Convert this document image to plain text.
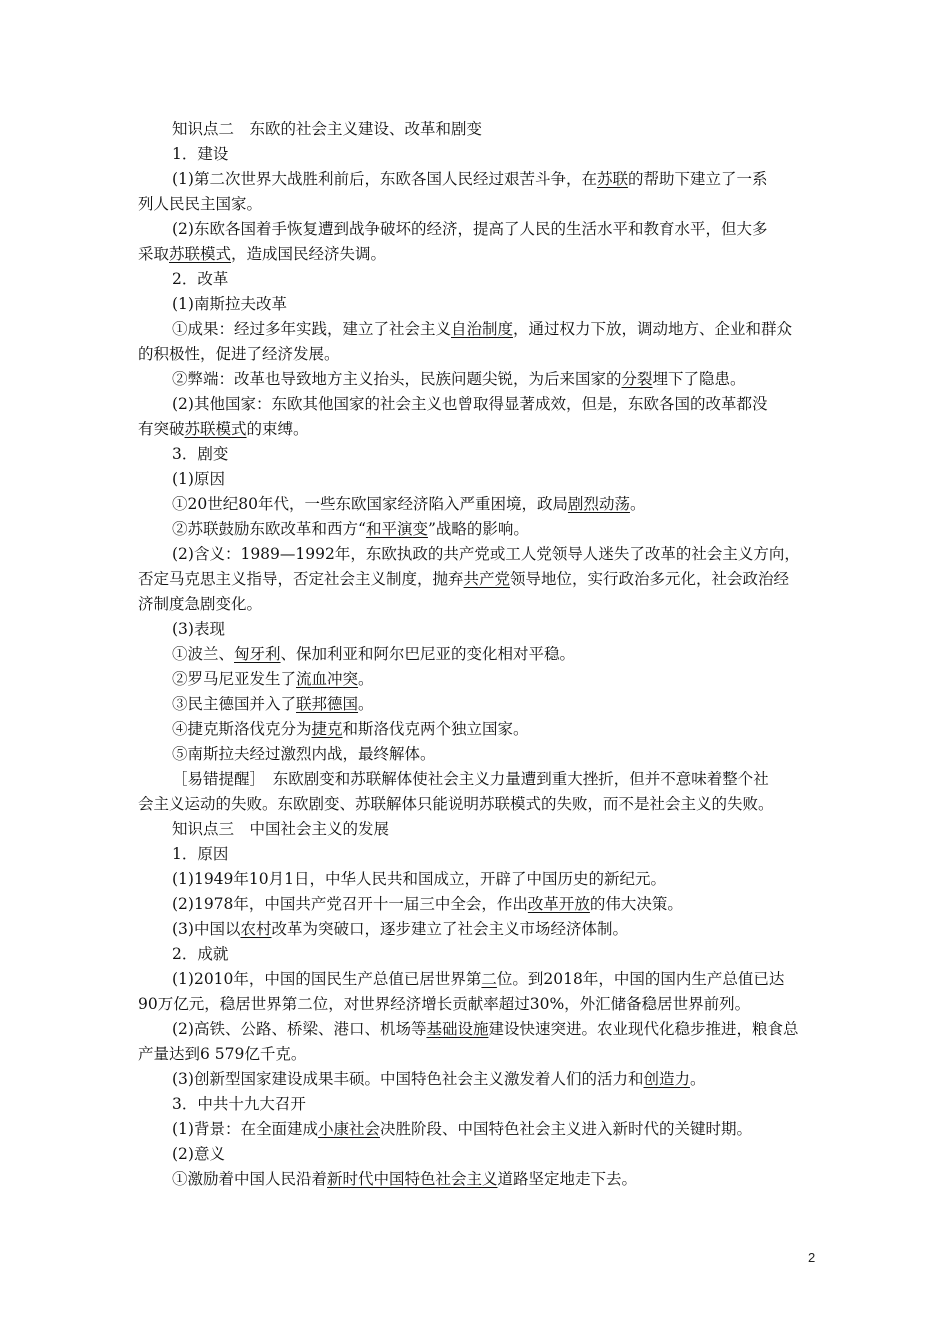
知识点二　东欧的社会主义建设、改革和剧变
1．建设
(1)第二次世界大战胜利前后，东欧各国人民经过艰苦斗争，在苏联的帮助下建立了一系
列人民民主国家。
(2)东欧各国着手恢复遭到战争破坏的经济，提高了人民的生活水平和教育水平，但大多
采取苏联模式，造成国民经济失调。
2．改革
(1)南斯拉夫改革
①成果：经过多年实践，建立了社会主义自治制度，通过权力下放，调动地方、企业和群众
的积极性，促进了经济发展。
②弊端：改革也导致地方主义抬头，民族问题尖锐，为后来国家的分裂埋下了隐患。
(2)其他国家：东欧其他国家的社会主义也曾取得显著成效，但是，东欧各国的改革都没
有突破苏联模式的束缚。
3．剧变
(1)原因
①20世纪80年代，一些东欧国家经济陷入严重困境，政局剧烈动荡。
②苏联鼓励东欧改革和西方“和平演变”战略的影响。
(2)含义：1989—1992年，东欧执政的共产党或工人党领导人迷失了改革的社会主义方向，
否定马克思主义指导，否定社会主义制度，抛弃共产党领导地位，实行政治多元化，社会政治经
济制度急剧变化。
(3)表现
①波兰、匈牙利、保加利亚和阿尔巴尼亚的变化相对平稳。
②罗马尼亚发生了流血冲突。
③民主德国并入了联邦德国。
④捷克斯洛伐克分为捷克和斯洛伐克两个独立国家。
⑤南斯拉夫经过激烈内战，最终解体。
［易错提醒］　东欧剧变和苏联解体使社会主义力量遭到重大挫折，但并不意味着整个社
会主义运动的失败。东欧剧变、苏联解体只能说明苏联模式的失败，而不是社会主义的失败。
知识点三　中国社会主义的发展
1．原因
(1)1949年10月1日，中华人民共和国成立，开辟了中国历史的新纪元。
(2)1978年，中国共产党召开十一届三中全会，作出改革开放的伟大决策。
(3)中国以农村改革为突破口，逐步建立了社会主义市场经济体制。
2．成就
(1)2010年，中国的国民生产总值已居世界第二位。到2018年，中国的国内生产总值已达
90万亿元，稳居世界第二位，对世界经济增长贡献率超过30%，外汇储备稳居世界前列。
(2)高铁、公路、桥梁、港口、机场等基础设施建设快速突进。农业现代化稳步推进，粮食总
产量达到6 579亿千克。
(3)创新型国家建设成果丰硕。中国特色社会主义激发着人们的活力和创造力。
3．中共十九大召开
(1)背景：在全面建成小康社会决胜阶段、中国特色社会主义进入新时代的关键时期。
(2)意义
①激励着中国人民沿着新时代中国特色社会主义道路坚定地走下去。
2
